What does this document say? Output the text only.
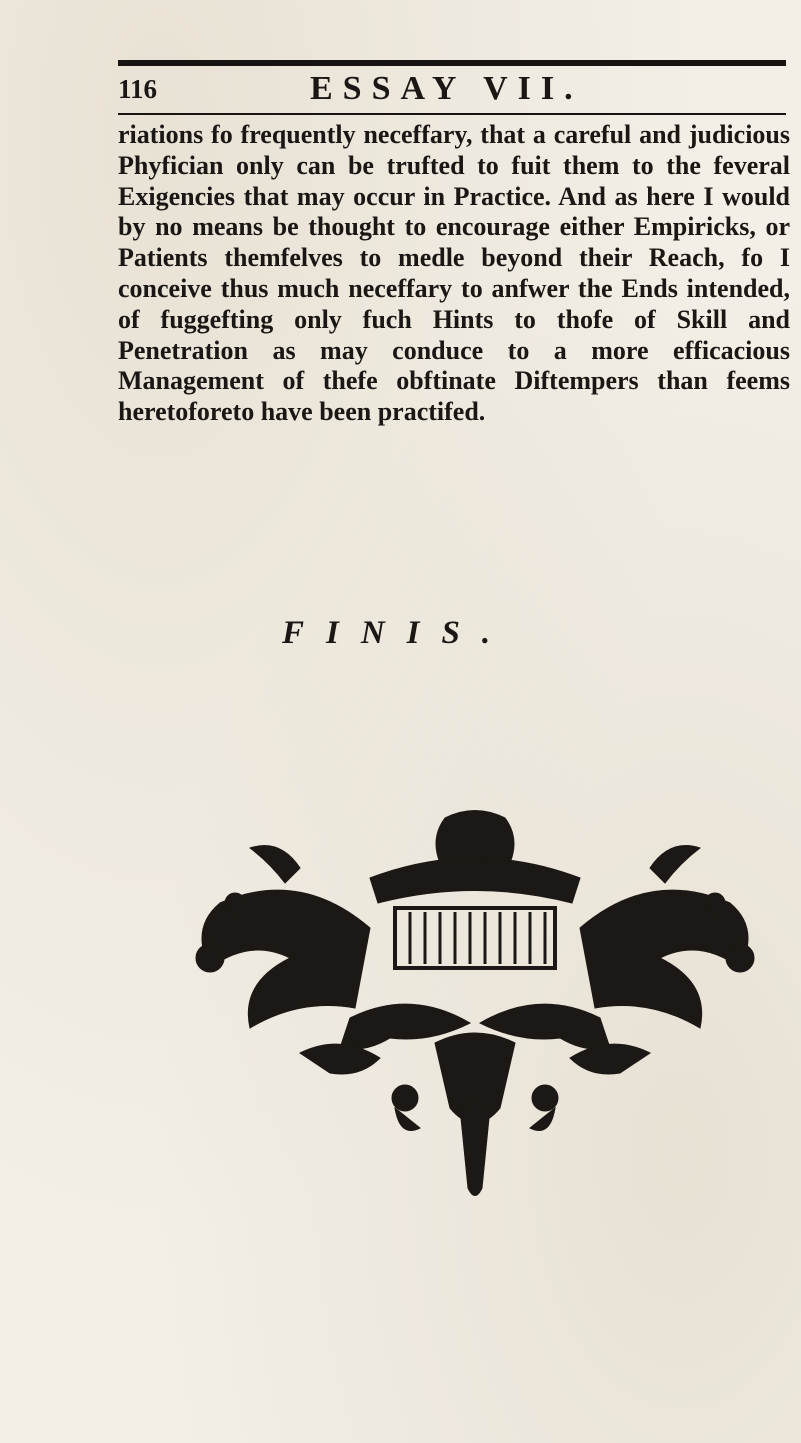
116	ESSAY VII.

riations fo frequently neceffary, that a careful and judicious Phyfician only can be trufted to fuit them to the feveral Exigencies that may occur in Practice. And as here I would by no means be thought to encourage either Empiricks, or Patients themfelves to medle beyond their Reach, fo I conceive thus much neceffary to anfwer the Ends intended, of fuggefting only fuch Hints to thofe of Skill and Penetration as may conduce to a more efficacious Management of thefe obftinate Diftempers than feems heretoforeto have been practifed.

FINIS.
